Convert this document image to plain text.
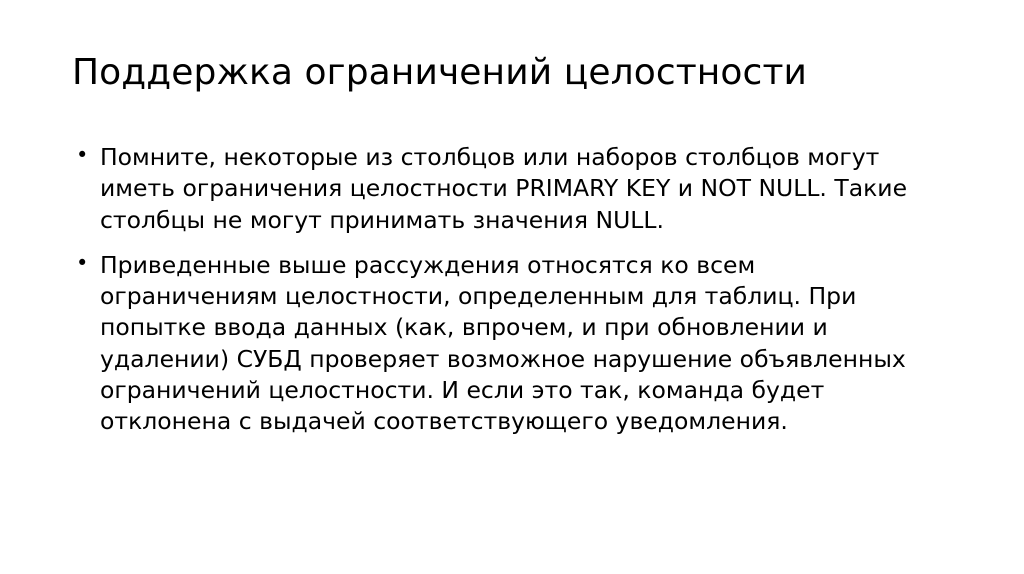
Поддержка ограничений целостности
• Помните, некоторые из столбцов или наборов столбцов могут иметь ограничения целостности PRIMARY KEY и NOT NULL. Такие столбцы не могут принимать значения NULL.
• Приведенные выше рассуждения относятся ко всем ограничениям целостности, определенным для таблиц. При попытке ввода данных (как, впрочем, и при обновлении и удалении) СУБД проверяет возможное нарушение объявленных ограничений целостности. И если это так, команда будет отклонена с выдачей соответствующего уведомления.
